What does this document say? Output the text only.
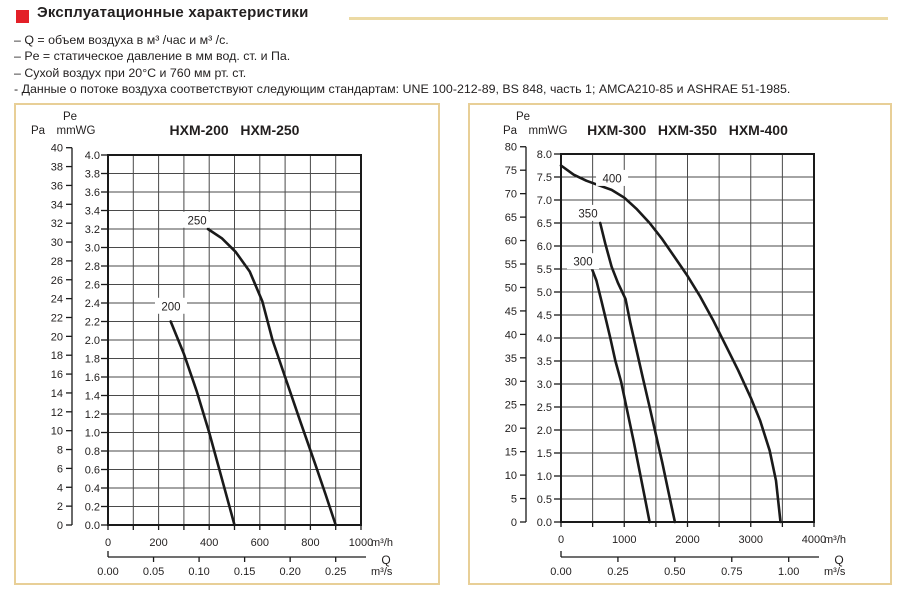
Эксплуатационные характеристики
– Q = объем воздуха в м³ /час и м³ /с.
– Pe = статическое давление в мм вод. ст. и Па.
– Сухой воздух при 20°С и 760 мм рт. ст.
- Данные о потоке воздуха соответствуют следующим стандартам: UNE 100-212-89, BS 848, часть 1; AMCA210-85 и ASHRAE 51-1985.
Pe
Pa mmWG	HXM-200   HXM-250
40
38
36
34
32
30
28
26
24
22
20
18
16
14
12
10
8
6
4
2
0
4.0
3.8
3.6
3.4
3.2
3.0
2.8
2.6
2.4
2.2
2.0
1.8
1.6
1.4
1.2
1.0
0.8
0.6
0.4
0.2
0.0
0	200	400	600	800	1000
m³/h
Q
0.00 0.05 0.10 0.15 0.20 0.25 m³/s
200
250
Pe
Pa mmWG HXM-300   HXM-350   HXM-400
80
75
70
65
60
55
50
45
40
35
30
25
20
15
10
5
0
8.0
7.5
7.0
6.5
6.0
5.5
5.0
4.5
4.0
3.5
3.0
2.5
2.0
1.5
1.0
0.5
0.0
0	1000	2000	3000	4000
m³/h
Q
0.00	0.25	0.50	0.75	1.00 m³/s
300
350
400
